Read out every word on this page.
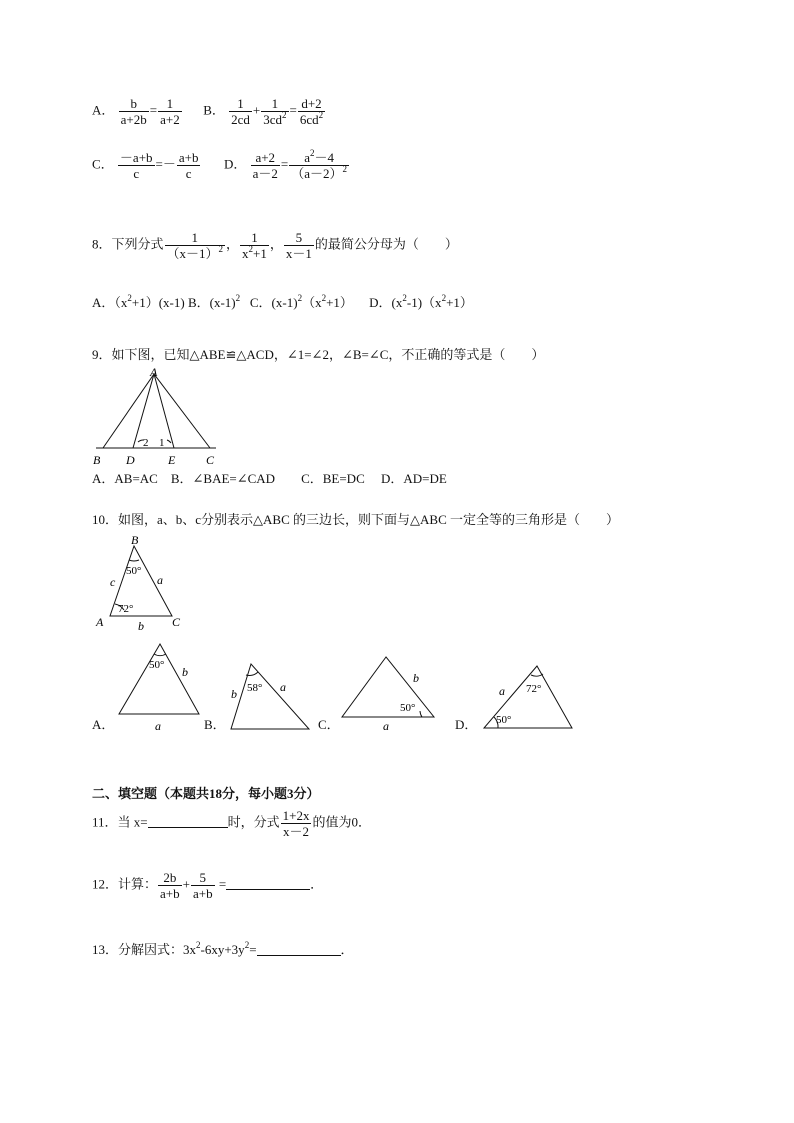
A． $\frac{b}{a+2b} = \frac{1}{a+2}$ B． $\frac{1}{2cd} + \frac{1}{3cd^2} = \frac{d+2}{6cd^2}$
C． $\frac{-a+b}{c} =- \frac{a+b}{c}$ D． $\frac{a+2}{a-2} = \frac{a^2-4}{(a-2)^2}$
8．下列分式 $\frac{1}{(x-1)^2}$ ， $\frac{1}{x^2+1}$ ， $\frac{5}{x-1}$ 的最简公分母为（　　）
A．$(x^2+1)(x-1)$ B．$(x-1)^2$ C．$(x-1)^2(x^2+1)$ D．$(x^2-1)(x^2+1)$
9．如下图，已知△ABE≌△ACD，∠1=∠2，∠B=∠C，不正确的等式是（　　）
A
B D	E	C
2 1
A．AB=AC　B．∠BAE=∠CAD　　C．BE=DC　 D．AD=DE
10．如图，a、b、c分别表示△ABC 的三边长，则下面与△ABC 一定全等的三角形是（　　）
B
A	C
c	a
b
50°
72°
A．
50° b
a	B．
58°
b	a
C．
50°
b
a	D．
72°
50°
a
二、填空题（本题共18分，每小题3分）
11．当 x=	时，分式 $\frac{1+2x}{x-2}$ 的值为0．
12．计算： $\frac{2b}{a+b} + \frac{5}{a+b}$ =	．
13．分解因式：$3x^2-6xy+3y^2=$	．
